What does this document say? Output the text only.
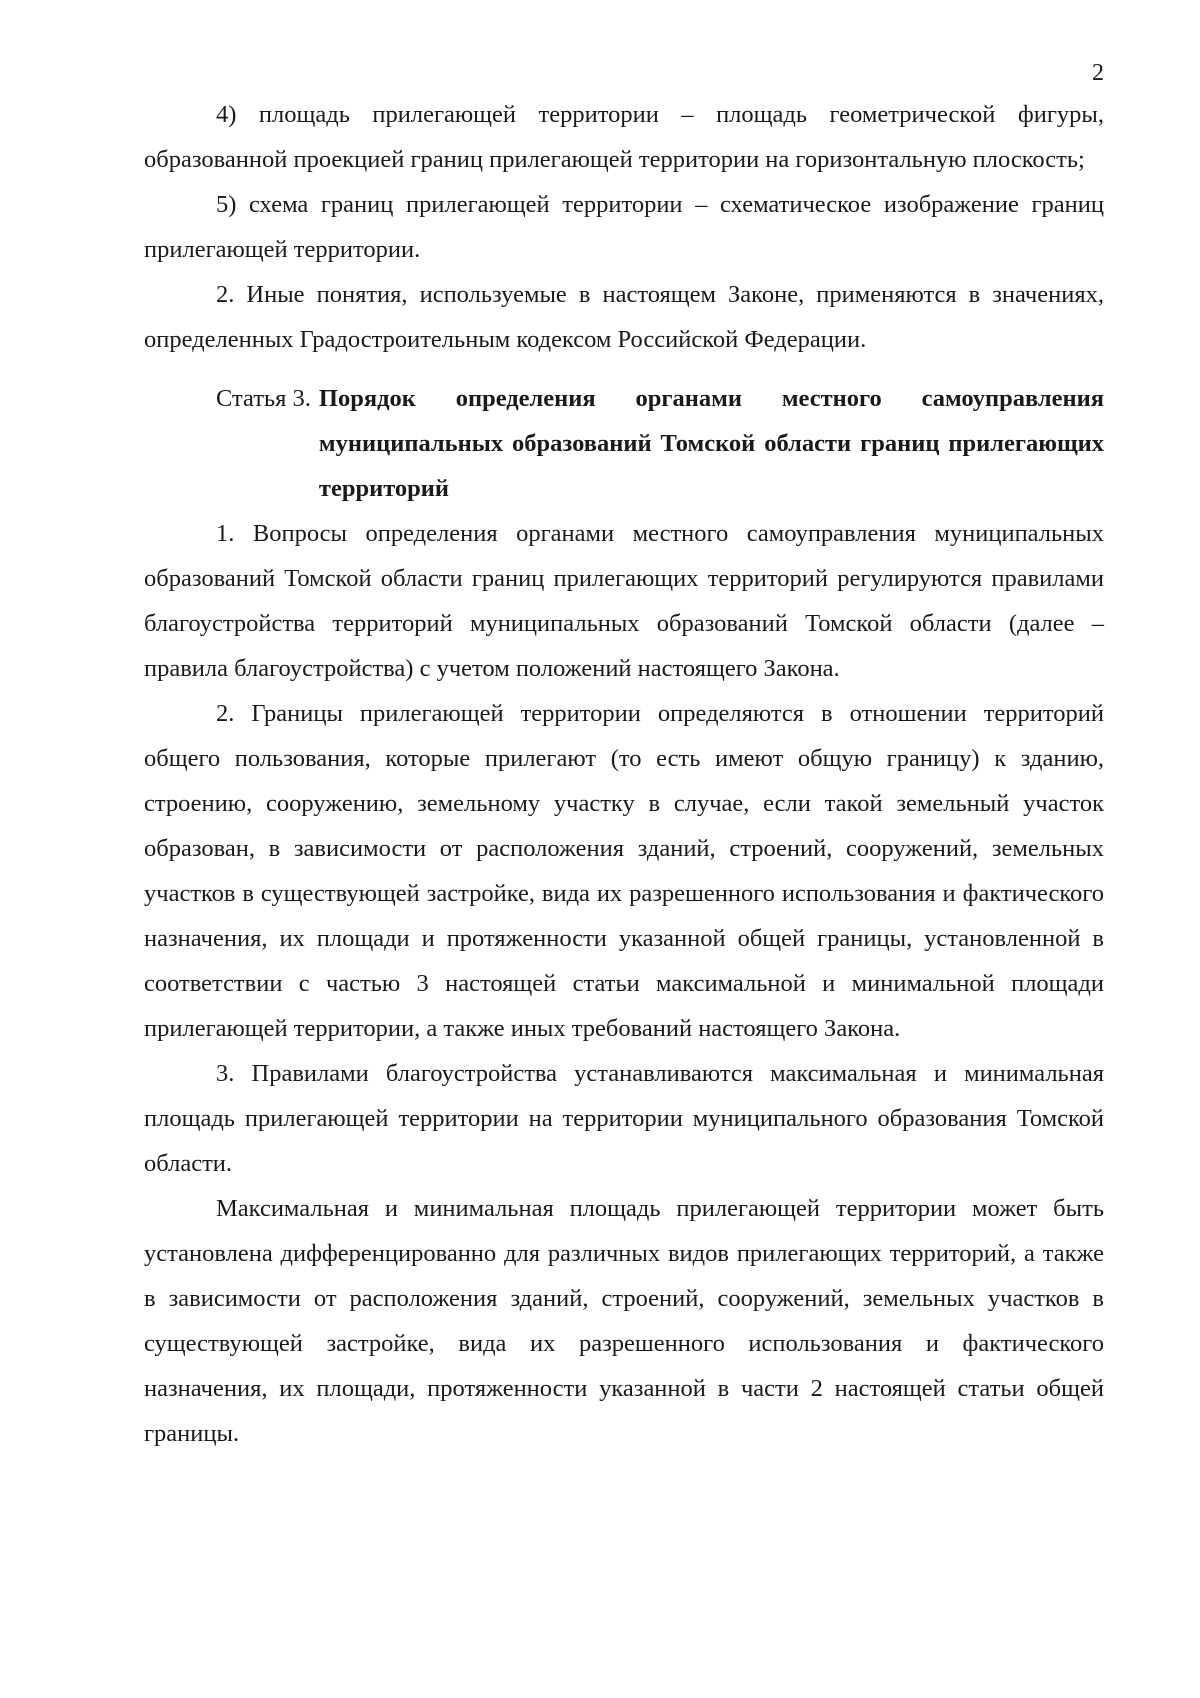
2

4) площадь прилегающей территории – площадь геометрической фигуры, образованной проекцией границ прилегающей территории на горизонтальную плоскость;

5) схема границ прилегающей территории – схематическое изображение границ прилегающей территории.

2. Иные понятия, используемые в настоящем Законе, применяются в значениях, определенных Градостроительным кодексом Российской Федерации.

Статья 3. Порядок определения органами местного самоуправления муниципальных образований Томской области границ прилегающих территорий

1. Вопросы определения органами местного самоуправления муниципальных образований Томской области границ прилегающих территорий регулируются правилами благоустройства территорий муниципальных образований Томской области (далее – правила благоустройства) с учетом положений настоящего Закона.

2. Границы прилегающей территории определяются в отношении территорий общего пользования, которые прилегают (то есть имеют общую границу) к зданию, строению, сооружению, земельному участку в случае, если такой земельный участок образован, в зависимости от расположения зданий, строений, сооружений, земельных участков в существующей застройке, вида их разрешенного использования и фактического назначения, их площади и протяженности указанной общей границы, установленной в соответствии с частью 3 настоящей статьи максимальной и минимальной площади прилегающей территории, а также иных требований настоящего Закона.

3. Правилами благоустройства устанавливаются максимальная и минимальная площадь прилегающей территории на территории муниципального образования Томской области.

Максимальная и минимальная площадь прилегающей территории может быть установлена дифференцированно для различных видов прилегающих территорий, а также в зависимости от расположения зданий, строений, сооружений, земельных участков в существующей застройке, вида их разрешенного использования и фактического назначения, их площади, протяженности указанной в части 2 настоящей статьи общей границы.
